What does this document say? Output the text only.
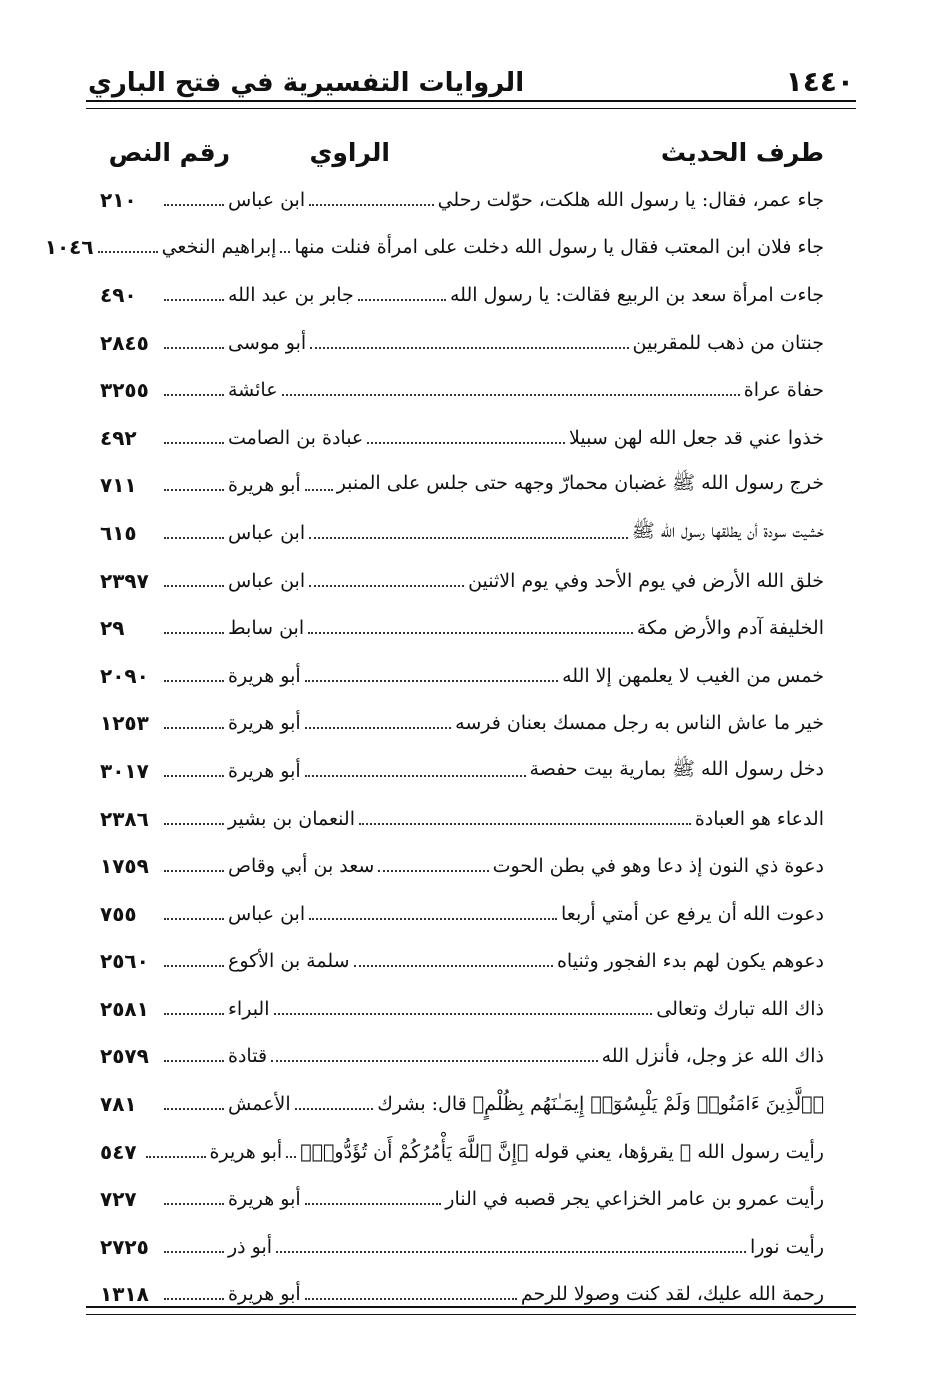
١٤٤٠
الروايات التفسيرية في فتح الباري
طرف الحديث
الراوي
رقم النص
جاء عمر، فقال: يا رسول الله هلكت، حوّلت رحلي
ابن عباس
٢١٠
جاء فلان ابن المعتب فقال يا رسول الله دخلت على امرأة فنلت منها
إبراهيم النخعي
١٠٤٦
جاءت امرأة سعد بن الربيع فقالت: يا رسول الله
جابر بن عبد الله
٤٩٠
جنتان من ذهب للمقربين
أبو موسى
٢٨٤٥
حفاة عراة
عائشة
٣٢٥٥
خذوا عني قد جعل الله لهن سبيلا
عبادة بن الصامت
٤٩٢
خرج رسول الله ﷺ غضبان محمارّ وجهه حتى جلس على المنبر
أبو هريرة
٧١١
خشيت سودة أن يطلقها رسول الله ﷺ
ابن عباس
٦١٥
خلق الله الأرض في يوم الأحد وفي يوم الاثنين
ابن عباس
٢٣٩٧
الخليفة آدم والأرض مكة
ابن سابط
٢٩
خمس من الغيب لا يعلمهن إلا الله
أبو هريرة
٢٠٩٠
خير ما عاش الناس به رجل ممسك بعنان فرسه
أبو هريرة
١٢٥٣
دخل رسول الله ﷺ بمارية بيت حفصة
أبو هريرة
٣٠١٧
الدعاء هو العبادة
النعمان بن بشير
٢٣٨٦
دعوة ذي النون إذ دعا وهو في بطن الحوت
سعد بن أبي وقاص
١٧٥٩
دعوت الله أن يرفع عن أمتي أربعا
ابن عباس
٧٥٥
دعوهم يكون لهم بدء الفجور وثنياه
سلمة بن الأكوع
٢٥٦٠
ذاك الله تبارك وتعالى
البراء
٢٥٨١
ذاك الله عز وجل، فأنزل الله
قتادة
٢٥٧٩
﴿ٱلَّذِينَ ءَامَنُوا۟ وَلَمْ يَلْبِسُوٓا۟ إِيمَـٰنَهُم بِظُلْمٍ﴾ قال: بشرك
الأعمش
٧٨١
رأيت رسول الله ﷺ يقرؤها، يعني قوله ﴿إِنَّ ٱللَّهَ يَأْمُرُكُمْ أَن تُؤَدُّوا۟﴾
أبو هريرة
٥٤٧
رأيت عمرو بن عامر الخزاعي يجر قصبه في النار
أبو هريرة
٧٢٧
رأيت نورا
أبو ذر
٢٧٢٥
رحمة الله عليك، لقد كنت وصولا للرحم
أبو هريرة
١٣١٨
